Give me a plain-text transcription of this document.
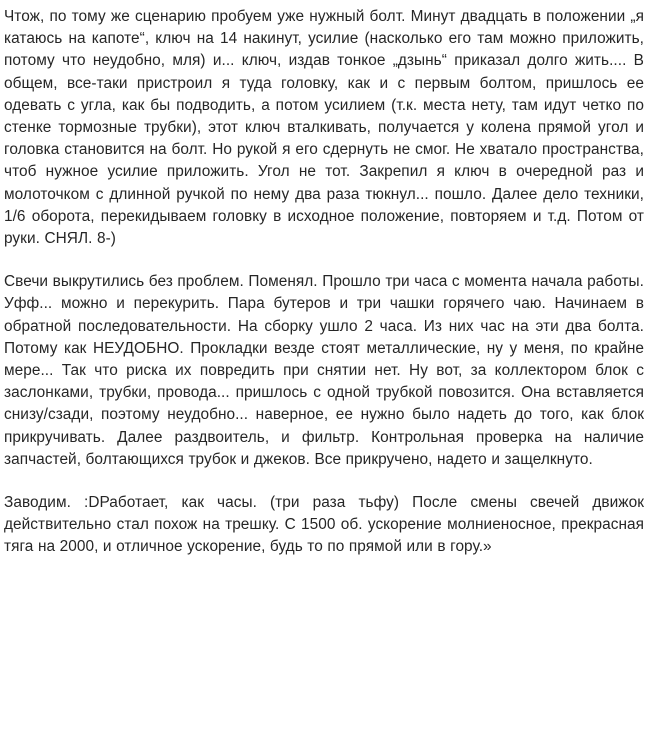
Чтож, по тому же сценарию пробуем уже нужный болт. Минут двадцать в положении „я катаюсь на капоте“, ключ на 14 накинут, усилие (насколько его там можно приложить, потому что неудобно, мля) и... ключ, издав тонкое „дзынь“ приказал долго жить.... В общем, все-таки пристроил я туда головку, как и с первым болтом, пришлось ее одевать с угла, как бы подводить, а потом усилием (т.к. места нету, там идут четко по стенке тормозные трубки), этот ключ вталкивать, получается у колена прямой угол и головка становится на болт. Но рукой я его сдернуть не смог. Не хватало пространства, чтоб нужное усилие приложить. Угол не тот. Закрепил я ключ в очередной раз и молоточком с длинной ручкой по нему два раза тюкнул... пошло. Далее дело техники, 1/6 оборота, перекидываем головку в исходное положение, повторяем и т.д. Потом от руки. СНЯЛ. 8-)

Свечи выкрутились без проблем. Поменял. Прошло три часа с момента начала работы. Уфф... можно и перекурить. Пара бутеров и три чашки горячего чаю. Начинаем в обратной последовательности. На сборку ушло 2 часа. Из них час на эти два болта. Потому как НЕУДОБНО. Прокладки везде стоят металлические, ну у меня, по крайне мере... Так что риска их повредить при снятии нет. Ну вот, за коллектором блок с заслонками, трубки, провода... пришлось с одной трубкой повозится. Она вставляется снизу/сзади, поэтому неудобно... наверное, ее нужно было надеть до того, как блок прикручивать. Далее раздвоитель, и фильтр. Контрольная проверка на наличие запчастей, болтающихся трубок и джеков. Все прикручено, надето и защелкнуто.

Заводим. :DРаботает, как часы. (три раза тьфу) После смены свечей движок действительно стал похож на трешку. С 1500 об. ускорение молниеносное, прекрасная тяга на 2000, и отличное ускорение, будь то по прямой или в гору.»
